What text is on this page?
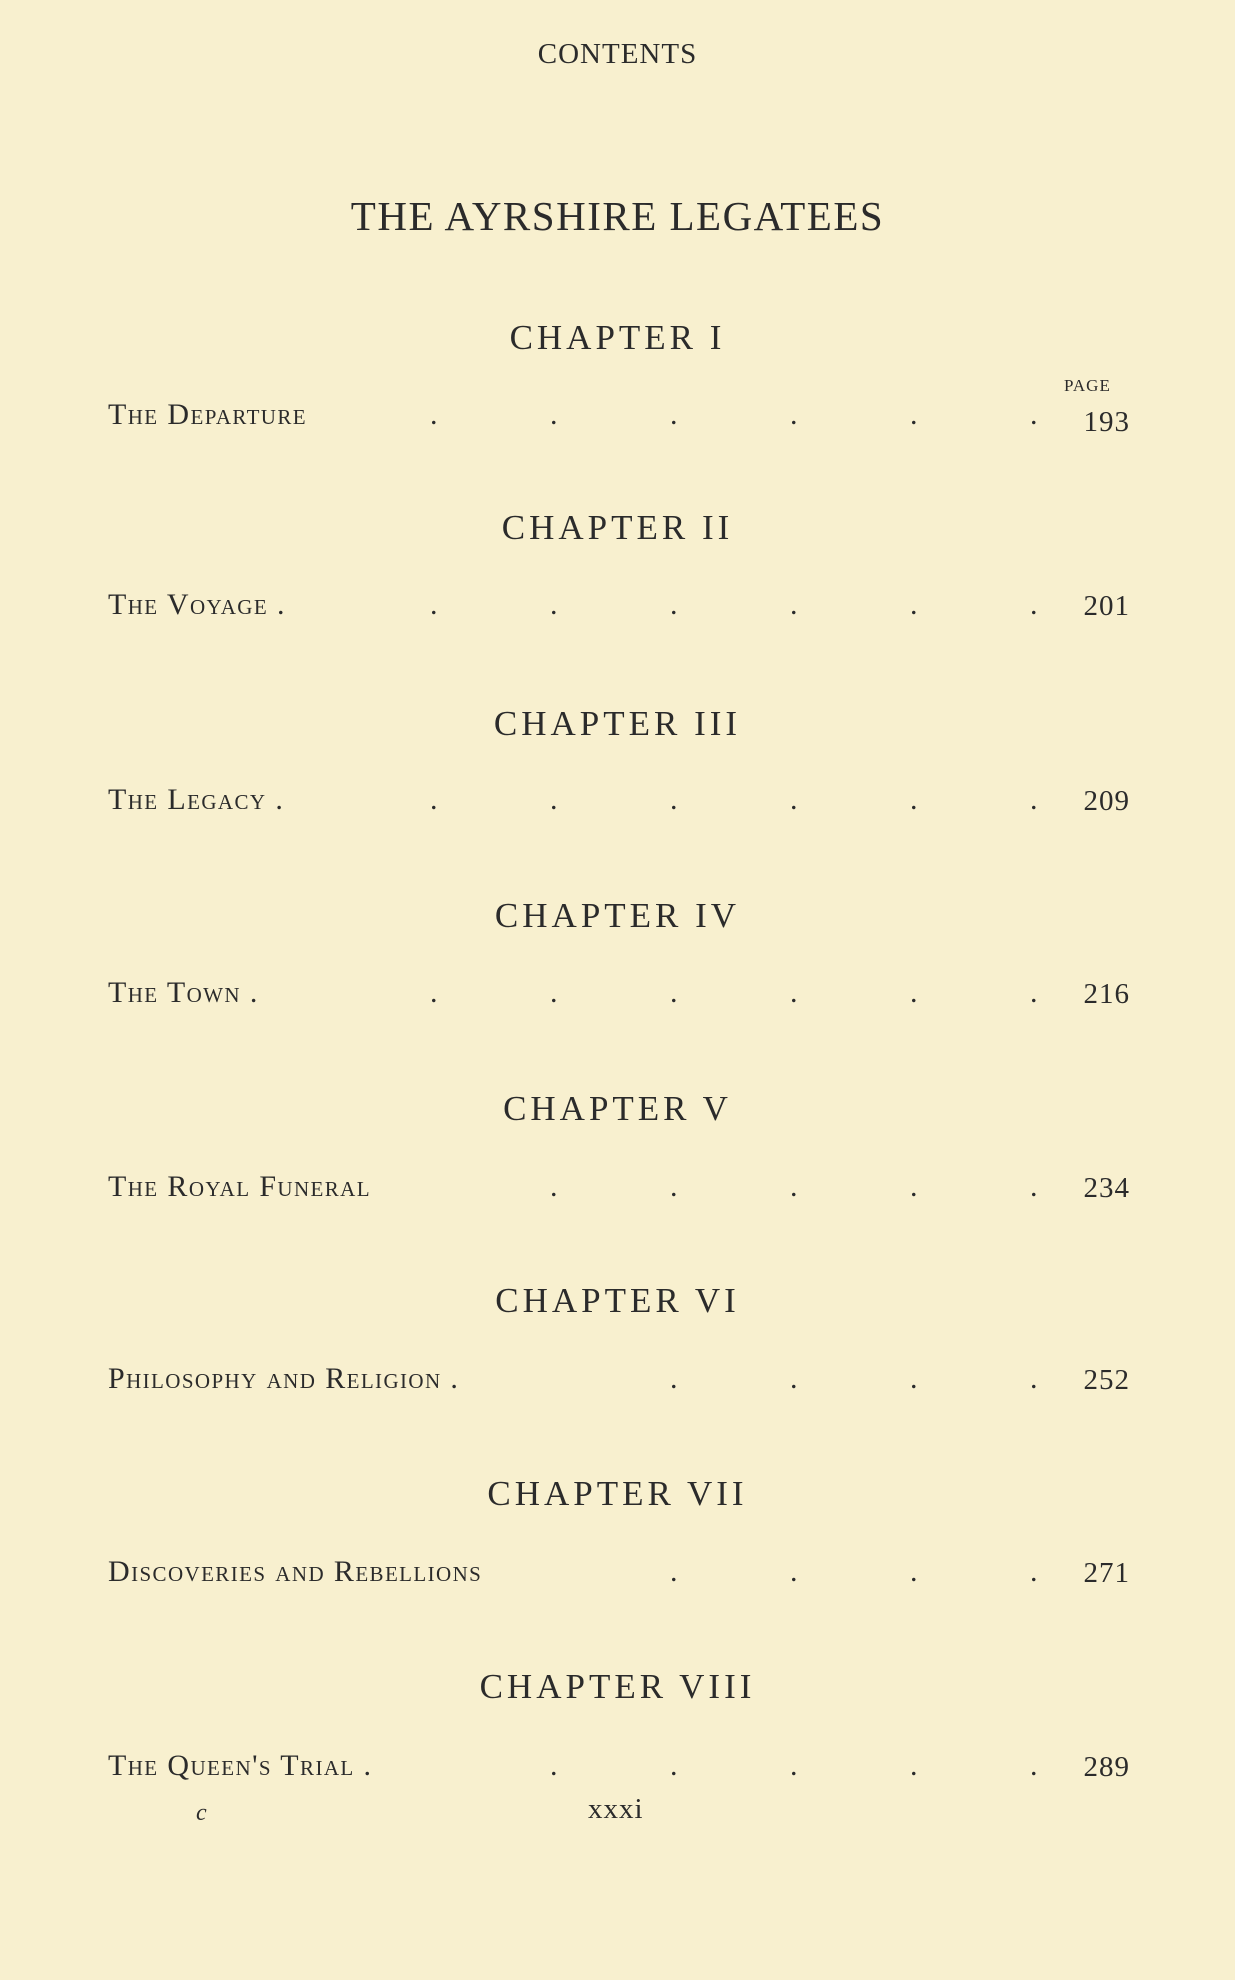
CONTENTS
THE AYRSHIRE LEGATEES
PAGE
CHAPTER I
The Departure	.	.	.	.	.	. 193
CHAPTER II
The Voyage .	.	.	.	.	.	. 201
CHAPTER III
The Legacy .	.	.	.	.	.	. 209
CHAPTER IV
The Town .	.	.	.	.	.	. 216
CHAPTER V
The Royal Funeral	.	.	.	.	. 234
CHAPTER VI
Philosophy and Religion .	.	.	.	. 252
CHAPTER VII
Discoveries and Rebellions	.	.	.	. 271
CHAPTER VIII
The Queen's Trial .	.	.	.	.	. 289
c	xxxi
